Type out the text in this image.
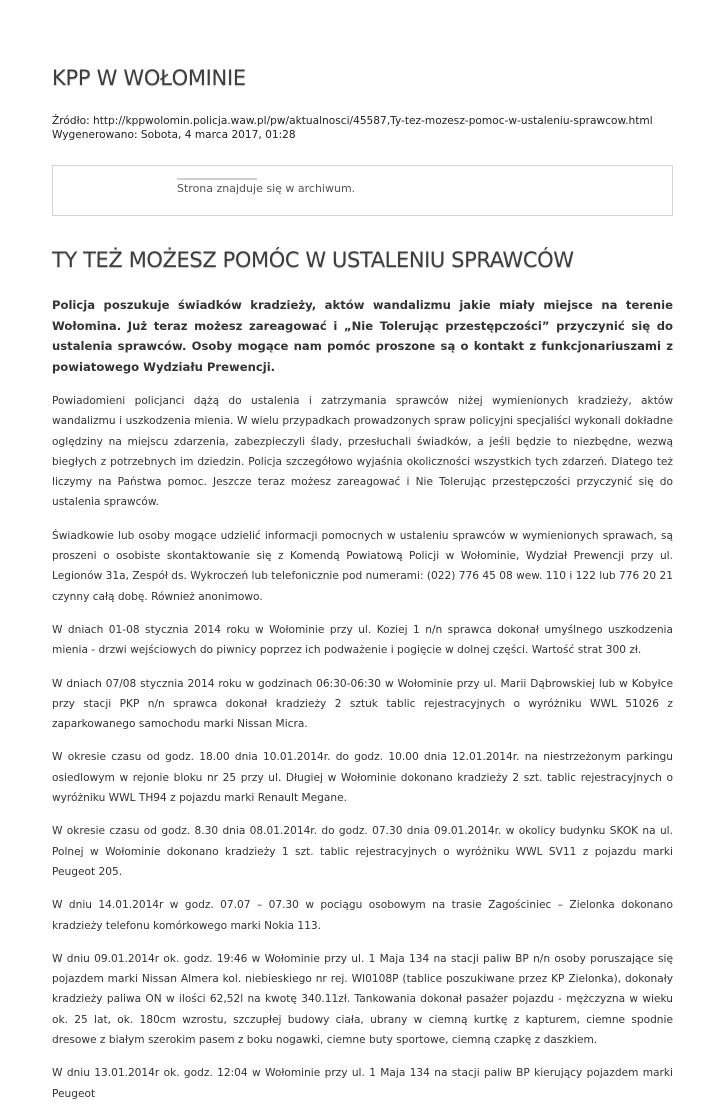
KPP W WOŁOMINIE
Źródło: http://kppwolomin.policja.waw.pl/pw/aktualnosci/45587,Ty-tez-mozesz-pomoc-w-ustaleniu-sprawcow.html
Wygenerowano: Sobota, 4 marca 2017, 01:28
Strona znajduje się w archiwum.
TY TEŻ MOŻESZ POMÓC W USTALENIU SPRAWCÓW

Policja poszukuje świadków kradzieży, aktów wandalizmu jakie miały miejsce na terenie Wołomina. Już teraz możesz zareagować i „Nie Tolerując przestępczości” przyczynić się do ustalenia sprawców. Osoby mogące nam pomóc proszone są o kontakt z funkcjonariuszami z powiatowego Wydziału Prewencji.

Powiadomieni policjanci dążą do ustalenia i zatrzymania sprawców niżej wymienionych kradzieży, aktów wandalizmu i uszkodzenia mienia. W wielu przypadkach prowadzonych spraw policyjni specjaliści wykonali dokładne oględziny na miejscu zdarzenia, zabezpieczyli ślady, przesłuchali świadków, a jeśli będzie to niezbędne, wezwą biegłych z potrzebnych im dziedzin. Policja szczegółowo wyjaśnia okoliczności wszystkich tych zdarzeń. Dlatego też liczymy na Państwa pomoc. Jeszcze teraz możesz zareagować i Nie Tolerując przestępczości przyczynić się do ustalenia sprawców.

Świadkowie lub osoby mogące udzielić informacji pomocnych w ustaleniu sprawców w wymienionych sprawach, są proszeni o osobiste skontaktowanie się z Komendą Powiatową Policji w Wołominie, Wydział Prewencji przy ul. Legionów 31a, Zespół ds. Wykroczeń lub telefonicznie pod numerami: (022) 776 45 08 wew. 110 i 122 lub 776 20 21 czynny całą dobę. Również anonimowo.

W dniach 01-08 stycznia 2014 roku w Wołominie przy ul. Koziej 1 n/n sprawca dokonał umyślnego uszkodzenia mienia - drzwi wejściowych do piwnicy poprzez ich podważenie i pogięcie w dolnej części. Wartość strat 300 zł.

W dniach 07/08 stycznia 2014 roku w godzinach 06:30-06:30 w Wołominie przy ul. Marii Dąbrowskiej lub w Kobyłce przy stacji PKP n/n sprawca dokonał kradzieży 2 sztuk tablic rejestracyjnych o wyróżniku WWL 51026 z zaparkowanego samochodu marki Nissan Micra.

W okresie czasu od godz. 18.00 dnia 10.01.2014r. do godz. 10.00 dnia 12.01.2014r. na niestrzeżonym parkingu osiedlowym w rejonie bloku nr 25 przy ul. Długiej w Wołominie dokonano kradzieży 2 szt. tablic rejestracyjnych o wyróżniku WWL TH94 z pojazdu marki Renault Megane.

W okresie czasu od godz. 8.30 dnia 08.01.2014r. do godz. 07.30 dnia 09.01.2014r. w okolicy budynku SKOK na ul. Polnej w Wołominie dokonano kradzieży 1 szt. tablic rejestracyjnych o wyróżniku WWL SV11 z pojazdu marki Peugeot 205.

W dniu 14.01.2014r w godz. 07.07 – 07.30 w pociągu osobowym na trasie Zagościniec – Zielonka dokonano kradzieży telefonu komórkowego marki Nokia 113.

W dniu 09.01.2014r ok. godz. 19:46 w Wołominie przy ul. 1 Maja 134 na stacji paliw BP n/n osoby poruszające się pojazdem marki Nissan Almera kol. niebieskiego nr rej. WI0108P (tablice poszukiwane przez KP Zielonka), dokonały kradzieży paliwa ON w ilości 62,52l na kwotę 340.11zł. Tankowania dokonał pasażer pojazdu - mężczyzna w wieku ok. 25 lat, ok. 180cm wzrostu, szczupłej budowy ciała, ubrany w ciemną kurtkę z kapturem, ciemne spodnie dresowe z białym szerokim pasem z boku nogawki, ciemne buty sportowe, ciemną czapkę z daszkiem.

W dniu 13.01.2014r ok. godz. 12:04 w Wołominie przy ul. 1 Maja 134 na stacji paliw BP kierujący pojazdem marki Peugeot
